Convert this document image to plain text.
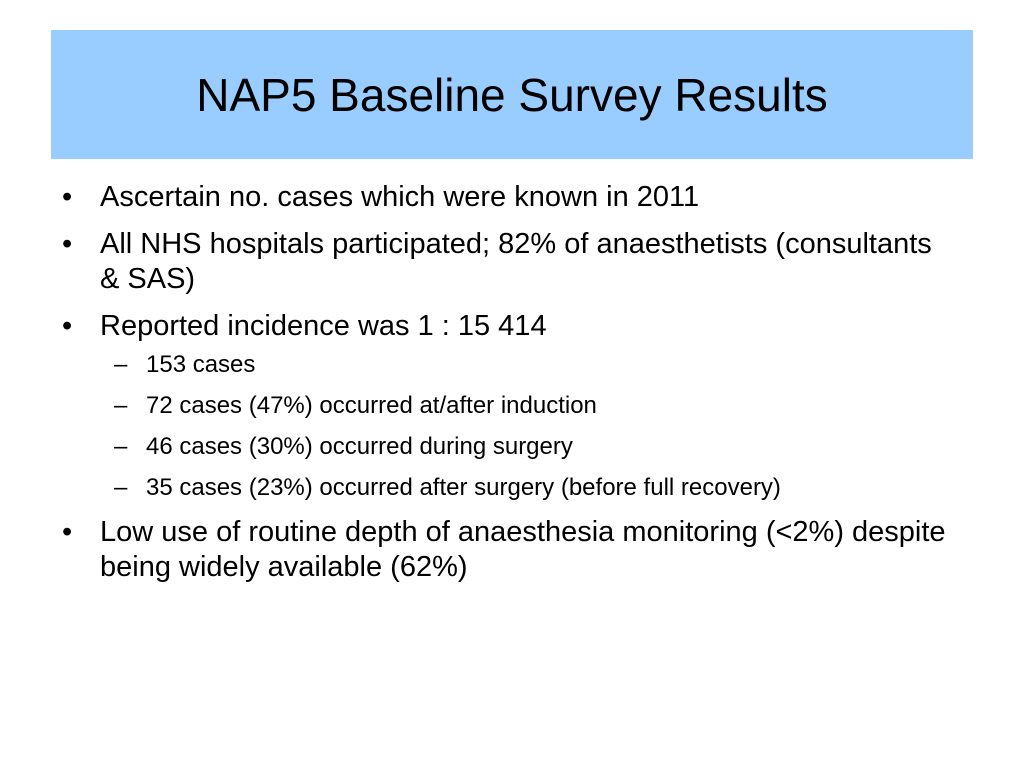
NAP5 Baseline Survey Results
• Ascertain no. cases which were known in 2011
• All NHS hospitals participated; 82% of anaesthetists (consultants & SAS)
• Reported incidence was 1 : 15 414
– 153 cases
– 72 cases (47%) occurred at/after induction
– 46 cases (30%) occurred during surgery
– 35 cases (23%) occurred after surgery (before full recovery)
• Low use of routine depth of anaesthesia monitoring (<2%) despite being widely available (62%)
